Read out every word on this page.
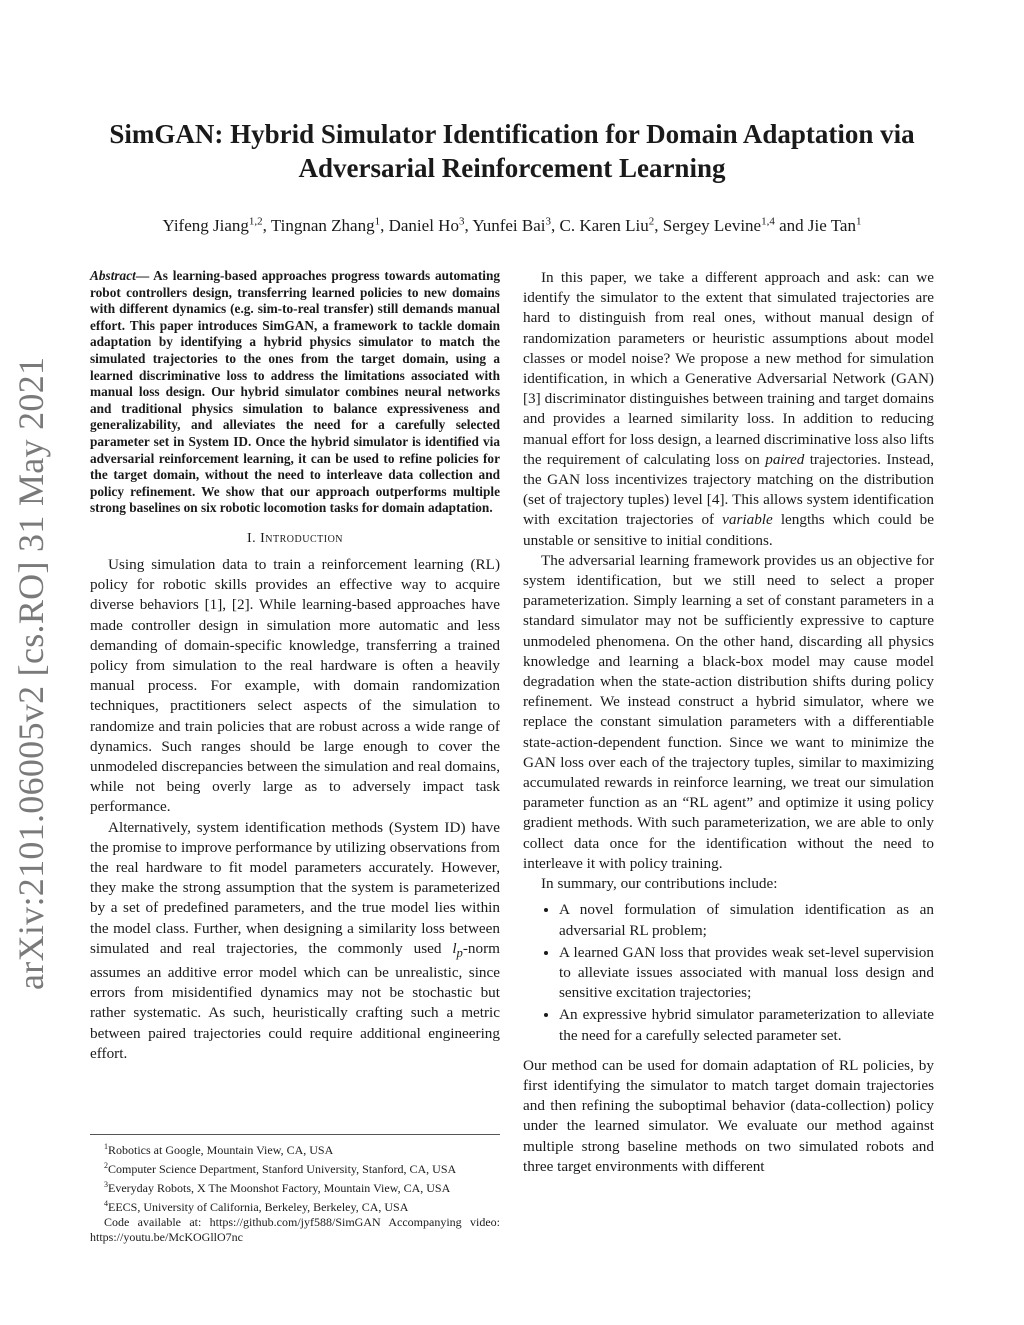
arXiv:2101.06005v2 [cs.RO] 31 May 2021
SimGAN: Hybrid Simulator Identification for Domain Adaptation via
Adversarial Reinforcement Learning
Yifeng Jiang$^{1,2}$, Tingnan Zhang$^1$, Daniel Ho$^3$, Yunfei Bai$^3$, C. Karen Liu$^2$, Sergey Levine$^{1,4}$ and Jie Tan$^1$

Abstract— As learning-based approaches progress towards automating robot controllers design, transferring learned policies to new domains with different dynamics (e.g. sim-to-real transfer) still demands manual effort. This paper introduces SimGAN, a framework to tackle domain adaptation by identifying a hybrid physics simulator to match the simulated trajectories to the ones from the target domain, using a learned discriminative loss to address the limitations associated with manual loss design. Our hybrid simulator combines neural networks and traditional physics simulation to balance expressiveness and generalizability, and alleviates the need for a carefully selected parameter set in System ID. Once the hybrid simulator is identified via adversarial reinforcement learning, it can be used to refine policies for the target domain, without the need to interleave data collection and policy refinement. We show that our approach outperforms multiple strong baselines on six robotic locomotion tasks for domain adaptation.

I. Introduction

Using simulation data to train a reinforcement learning (RL) policy for robotic skills provides an effective way to acquire diverse behaviors [1], [2]. While learning-based approaches have made controller design in simulation more automatic and less demanding of domain-specific knowledge, transferring a trained policy from simulation to the real hardware is often a heavily manual process. For example, with domain randomization techniques, practitioners select aspects of the simulation to randomize and train policies that are robust across a wide range of dynamics. Such ranges should be large enough to cover the unmodeled discrepancies between the simulation and real domains, while not being overly large as to adversely impact task performance.

Alternatively, system identification methods (System ID) have the promise to improve performance by utilizing observations from the real hardware to fit model parameters accurately. However, they make the strong assumption that the system is parameterized by a set of predefined parameters, and the true model lies within the model class. Further, when designing a similarity loss between simulated and real trajectories, the commonly used $l_p$-norm assumes an additive error model which can be unrealistic, since errors from misidentified dynamics may not be stochastic but rather systematic. As such, heuristically crafting such a metric between paired trajectories could require additional engineering effort.

In this paper, we take a different approach and ask: can we identify the simulator to the extent that simulated trajectories are hard to distinguish from real ones, without manual design of randomization parameters or heuristic assumptions about model classes or model noise? We propose a new method for simulation identification, in which a Generative Adversarial Network (GAN) [3] discriminator distinguishes between training and target domains and provides a learned similarity loss. In addition to reducing manual effort for loss design, a learned discriminative loss also lifts the requirement of calculating loss on paired trajectories. Instead, the GAN loss incentivizes trajectory matching on the distribution (set of trajectory tuples) level [4]. This allows system identification with excitation trajectories of variable lengths which could be unstable or sensitive to initial conditions.

The adversarial learning framework provides us an objective for system identification, but we still need to select a proper parameterization. Simply learning a set of constant parameters in a standard simulator may not be sufficiently expressive to capture unmodeled phenomena. On the other hand, discarding all physics knowledge and learning a black-box model may cause model degradation when the state-action distribution shifts during policy refinement. We instead construct a hybrid simulator, where we replace the constant simulation parameters with a differentiable state-action-dependent function. Since we want to minimize the GAN loss over each of the trajectory tuples, similar to maximizing accumulated rewards in reinforce learning, we treat our simulation parameter function as an “RL agent” and optimize it using policy gradient methods. With such parameterization, we are able to only collect data once for the identification without the need to interleave it with policy training.

In summary, our contributions include:

• A novel formulation of simulation identification as an adversarial RL problem;
• A learned GAN loss that provides weak set-level supervision to alleviate issues associated with manual loss design and sensitive excitation trajectories;
• An expressive hybrid simulator parameterization to alleviate the need for a carefully selected parameter set.

Our method can be used for domain adaptation of RL policies, by first identifying the simulator to match target domain trajectories and then refining the suboptimal behavior (data-collection) policy under the learned simulator. We evaluate our method against multiple strong baseline methods on two simulated robots and three target environments with different

$^1$Robotics at Google, Mountain View, CA, USA
$^2$Computer Science Department, Stanford University, Stanford, CA, USA
$^3$Everyday Robots, X The Moonshot Factory, Mountain View, CA, USA
$^4$EECS, University of California, Berkeley, Berkeley, CA, USA
Code available at: https://github.com/jyf588/SimGAN Accompanying video: https://youtu.be/McKOGllO7nc
